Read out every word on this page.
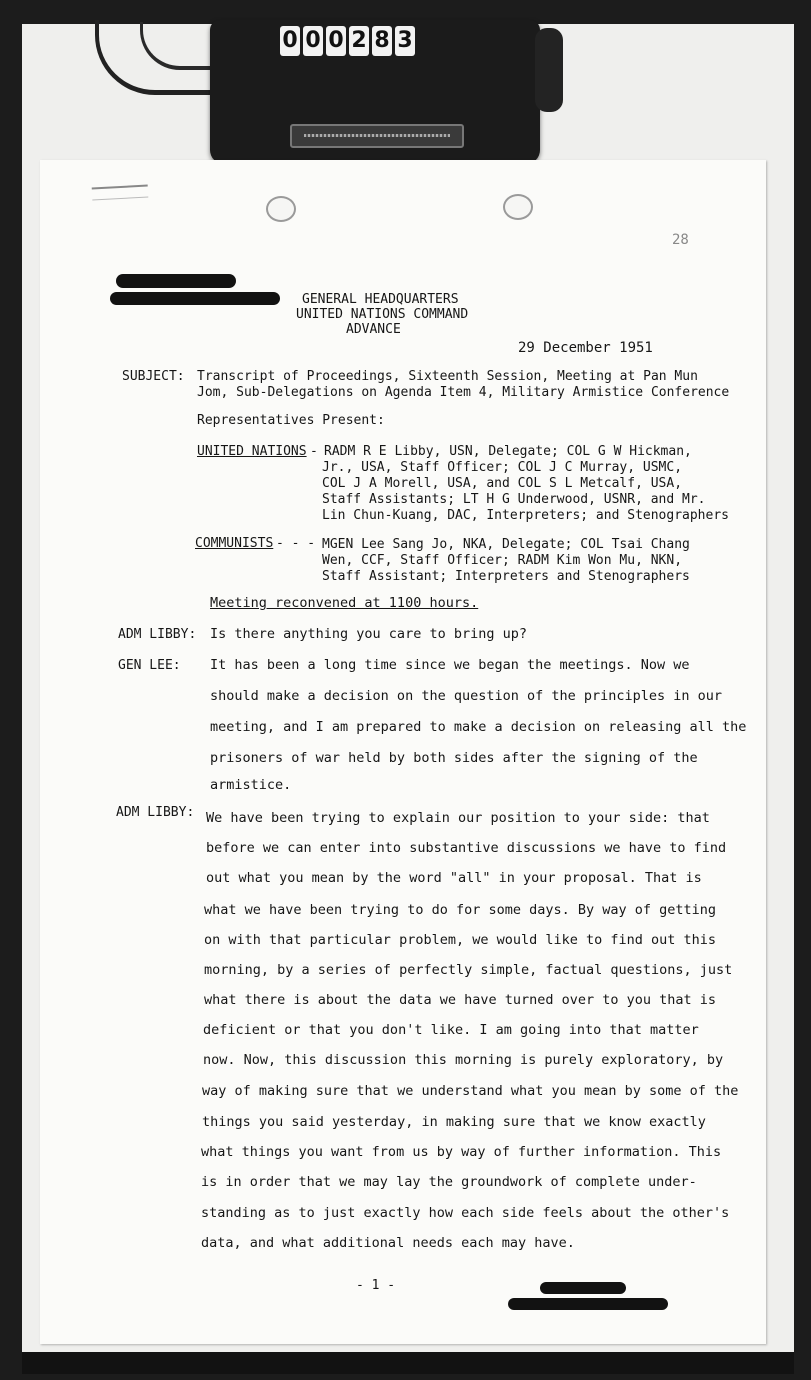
0 0 0 2 8 3

28

GENERAL HEADQUARTERS

UNITED NATIONS COMMAND

ADVANCE

29 December 1951

SUBJECT: Transcript of Proceedings, Sixteenth Session, Meeting at Pan Mun

Jom, Sub-Delegations on Agenda Item 4, Military Armistice Conference

Representatives Present:

UNITED NATIONS - RADM R E Libby, USN, Delegate; COL G W Hickman,

Jr., USA, Staff Officer; COL J C Murray, USMC,

COL J A Morell, USA, and COL S L Metcalf, USA,

Staff Assistants; LT H G Underwood, USNR, and Mr.

Lin Chun-Kuang, DAC, Interpreters; and Stenographers

COMMUNISTS - - - MGEN Lee Sang Jo, NKA, Delegate; COL Tsai Chang

Wen, CCF, Staff Officer; RADM Kim Won Mu, NKN,

Staff Assistant; Interpreters and Stenographers

Meeting reconvened at 1100 hours.

ADM LIBBY: Is there anything you care to bring up?

GEN LEE: It has been a long time since we began the meetings. Now we

should make a decision on the question of the principles in our

meeting, and I am prepared to make a decision on releasing all the

prisoners of war held by both sides after the signing of the

armistice.

ADM LIBBY: We have been trying to explain our position to your side: that

before we can enter into substantive discussions we have to find

out what you mean by the word "all" in your proposal. That is

what we have been trying to do for some days. By way of getting

on with that particular problem, we would like to find out this

morning, by a series of perfectly simple, factual questions, just

what there is about the data we have turned over to you that is

deficient or that you don't like. I am going into that matter

now. Now, this discussion this morning is purely exploratory, by

way of making sure that we understand what you mean by some of the

things you said yesterday, in making sure that we know exactly

what things you want from us by way of further information. This

is in order that we may lay the groundwork of complete under-

standing as to just exactly how each side feels about the other's

data, and what additional needs each may have.

- 1 -
